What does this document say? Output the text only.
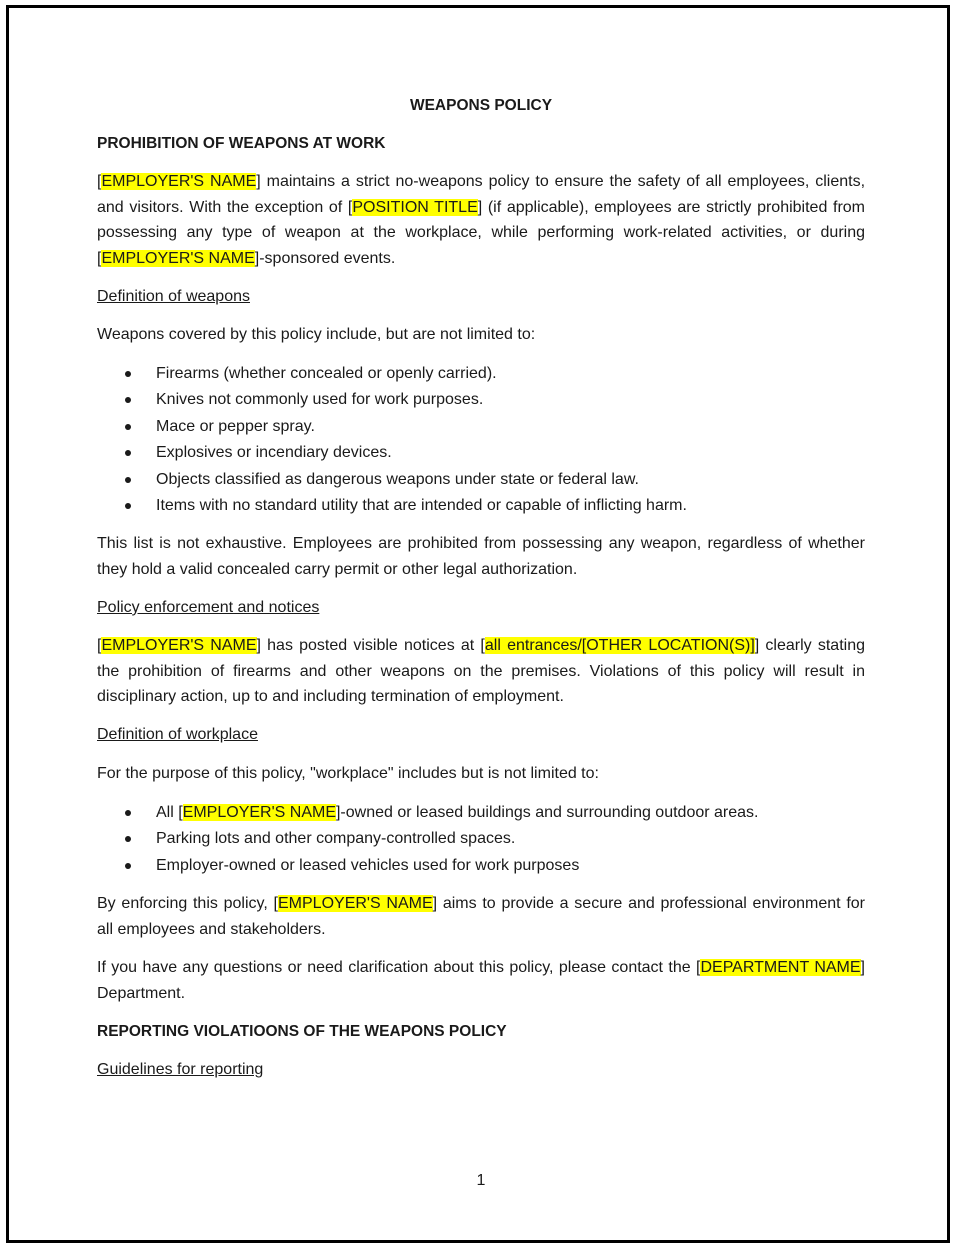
WEAPONS POLICY

PROHIBITION OF WEAPONS AT WORK

[EMPLOYER'S NAME] maintains a strict no-weapons policy to ensure the safety of all employees, clients, and visitors. With the exception of [POSITION TITLE] (if applicable), employees are strictly prohibited from possessing any type of weapon at the workplace, while performing work-related activities, or during [EMPLOYER'S NAME]-sponsored events.

Definition of weapons

Weapons covered by this policy include, but are not limited to:

Firearms (whether concealed or openly carried).
Knives not commonly used for work purposes.
Mace or pepper spray.
Explosives or incendiary devices.
Objects classified as dangerous weapons under state or federal law.
Items with no standard utility that are intended or capable of inflicting harm.

This list is not exhaustive. Employees are prohibited from possessing any weapon, regardless of whether they hold a valid concealed carry permit or other legal authorization.

Policy enforcement and notices

[EMPLOYER'S NAME] has posted visible notices at [all entrances/[OTHER LOCATION(S)]] clearly stating the prohibition of firearms and other weapons on the premises. Violations of this policy will result in disciplinary action, up to and including termination of employment.

Definition of workplace

For the purpose of this policy, "workplace" includes but is not limited to:

All [EMPLOYER'S NAME]-owned or leased buildings and surrounding outdoor areas.
Parking lots and other company-controlled spaces.
Employer-owned or leased vehicles used for work purposes

By enforcing this policy, [EMPLOYER'S NAME] aims to provide a secure and professional environment for all employees and stakeholders.

If you have any questions or need clarification about this policy, please contact the [DEPARTMENT NAME] Department.

REPORTING VIOLATIOONS OF THE WEAPONS POLICY

Guidelines for reporting

1
